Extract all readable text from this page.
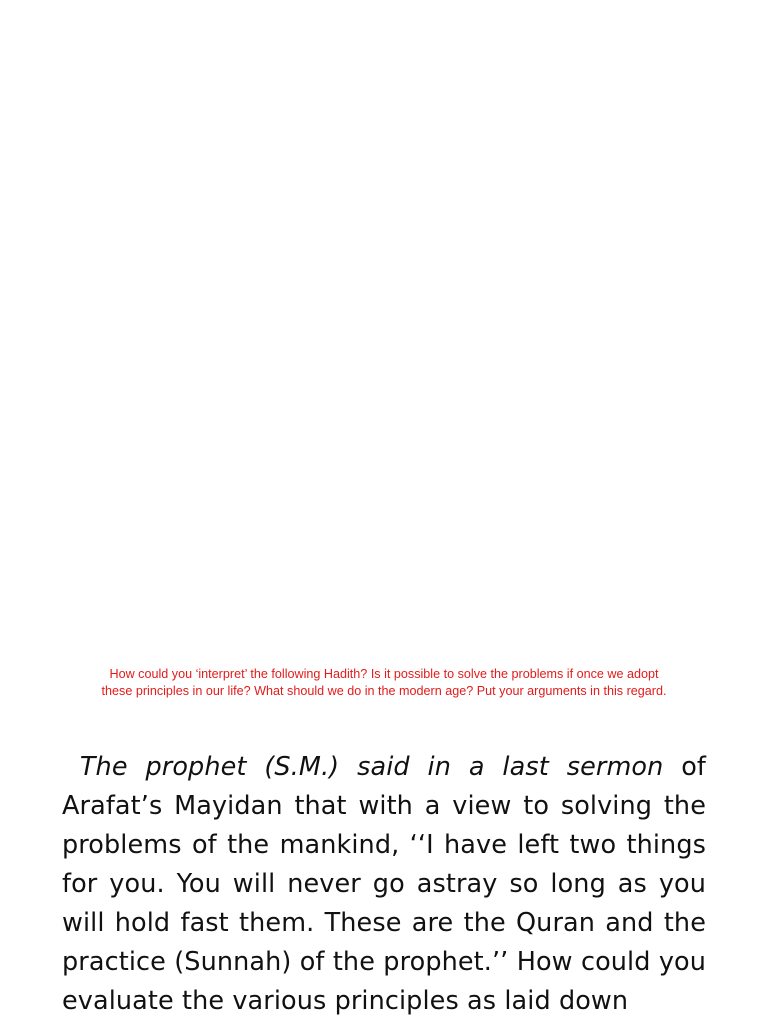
How could you ‘interpret’ the following Hadith? Is it possible to solve the problems if once we adopt
these principles in our life? What should we do in the modern age? Put your arguments in this regard.

The prophet (S.M.) said in a last sermon of Arafat’s Mayidan that with a view to solving the problems of the mankind, ‘‘I have left two things for you. You will never go astray so long as you will hold fast them. These are the Quran and the practice (Sunnah) of the prophet.’’ How could you evaluate the various principles as laid down
